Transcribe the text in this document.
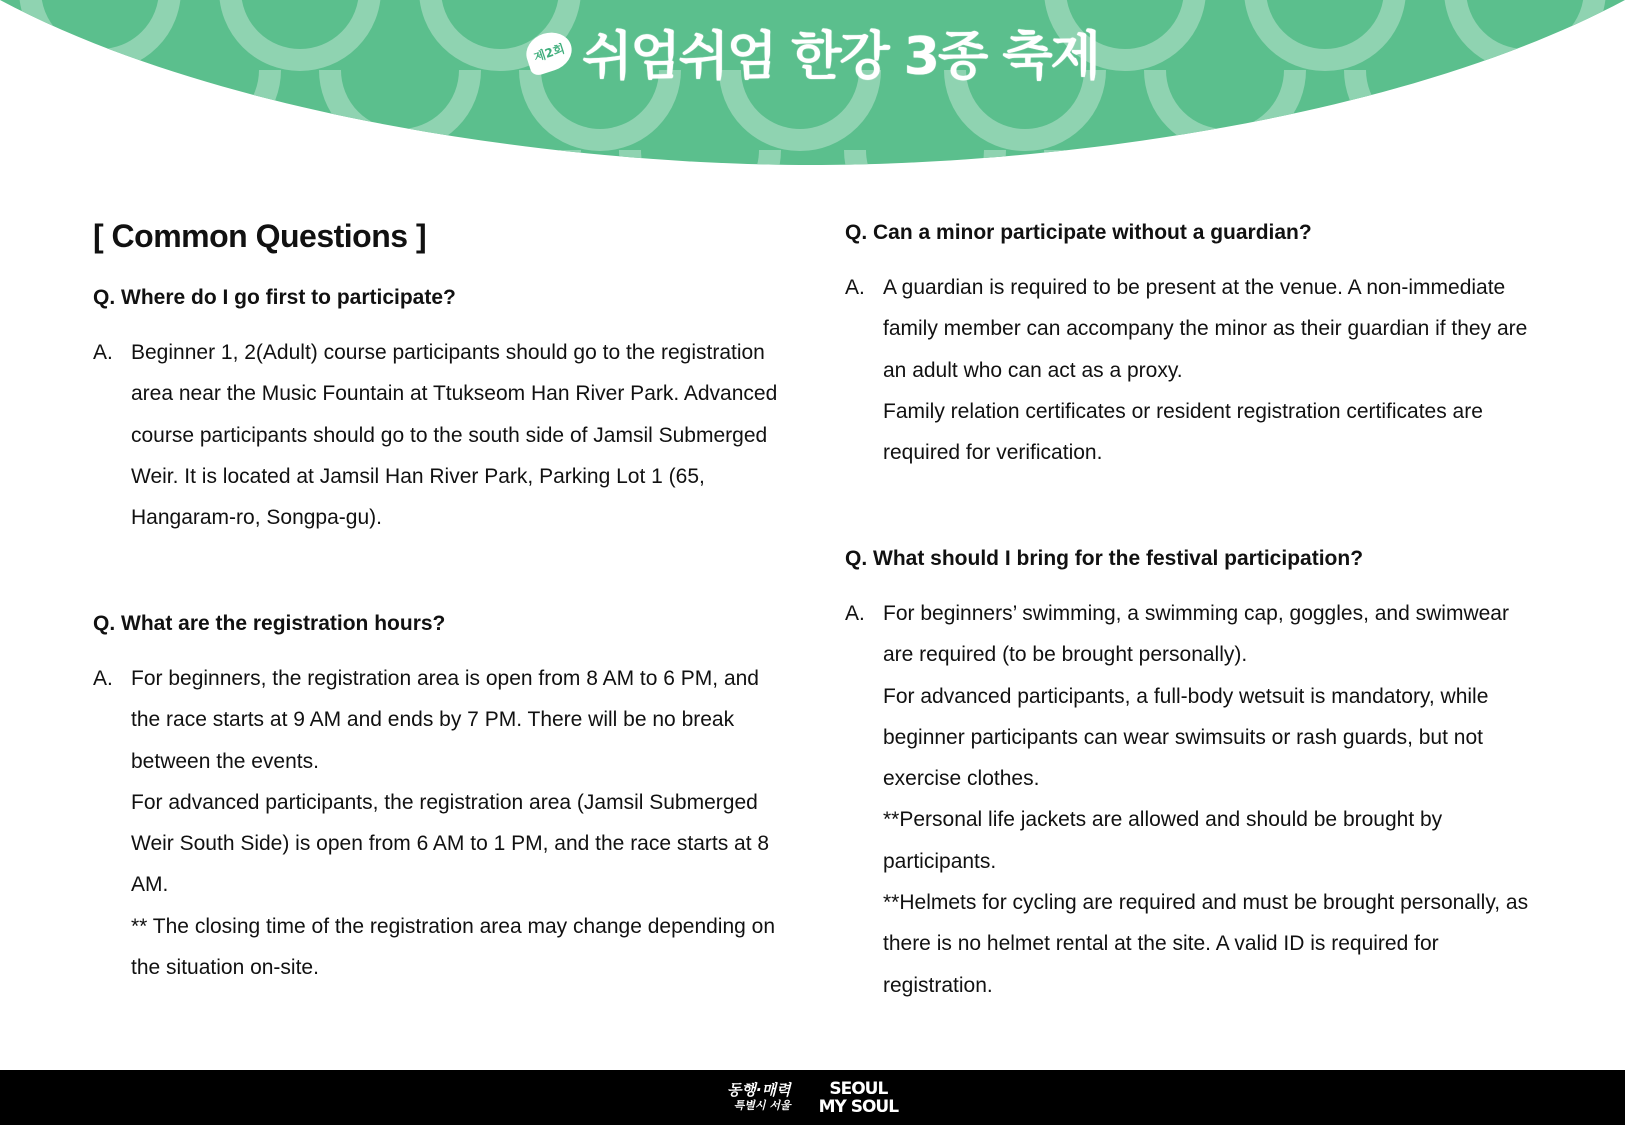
제2회 쉬엄쉬엄 한강 3종 축제
[ Common Questions ]
Q. Where do I go first to participate?
A. Beginner 1, 2(Adult) course participants should go to the registration area near the Music Fountain at Ttukseom Han River Park. Advanced course participants should go to the south side of Jamsil Submerged Weir. It is located at Jamsil Han River Park, Parking Lot 1 (65, Hangaram-ro, Songpa-gu).

Q. What are the registration hours?
A. For beginners, the registration area is open from 8 AM to 6 PM, and the race starts at 9 AM and ends by 7 PM. There will be no break between the events.

For advanced participants, the registration area (Jamsil Submerged Weir South Side) is open from 6 AM to 1 PM, and the race starts at 8 AM.

** The closing time of the registration area may change depending on the situation on-site.

Q. Can a minor participate without a guardian?
A. A guardian is required to be present at the venue. A non-immediate family member can accompany the minor as their guardian if they are an adult who can act as a proxy.

Family relation certificates or resident registration certificates are required for verification.

Q. What should I bring for the festival participation?
A. For beginners’ swimming, a swimming cap, goggles, and swimwear are required (to be brought personally).

For advanced participants, a full-body wetsuit is mandatory, while beginner participants can wear swimsuits or rash guards, but not exercise clothes.

**Personal life jackets are allowed and should be brought by participants.

**Helmets for cycling are required and must be brought personally, as there is no helmet rental at the site. A valid ID is required for registration.

동행·매력
특별시 서울
SEOUL
MY SOUL
